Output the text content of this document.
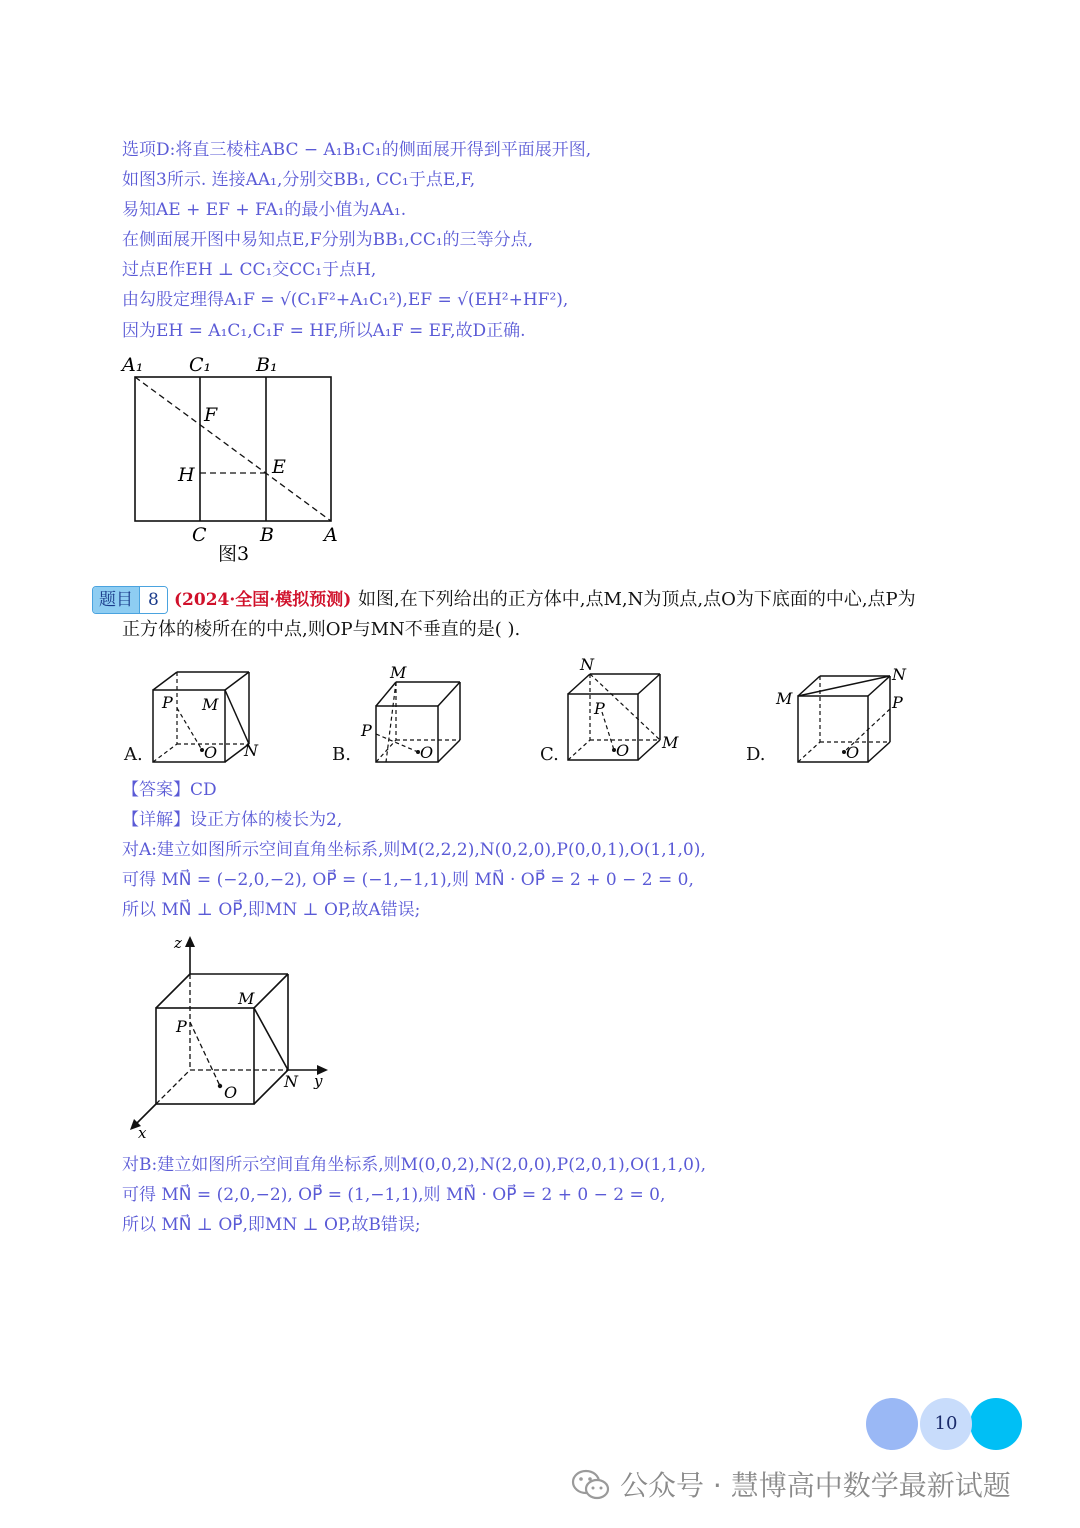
选项D:将直三棱柱ABC − A₁B₁C₁的侧面展开得到平面展开图,
如图3所示. 连接AA₁,分别交BB₁, CC₁于点E,F,
易知AE + EF + FA₁的最小值为AA₁.
在侧面展开图中易知点E,F分别为BB₁,CC₁的三等分点,
过点E作EH ⊥ CC₁交CC₁于点H,
由勾股定理得A₁F = √(C₁F²+A₁C₁²),EF = √(EH²+HF²),
因为EH = A₁C₁,C₁F = HF,所以A₁F = EF,故D正确.
A₁ C₁ B₁
F
H	E
C	B	A
图3
题目 8 (2024·全国·模拟预测) 如图,在下列给出的正方体中,点M,N为顶点,点O为下底面的中心,点P为
正方体的棱所在的中点,则OP与MN不垂直的是( ).
A.
P M
O N	B.
M
P
O	C.
N
P
O M
D.
M
N
P
O
【答案】CD
【详解】设正方体的棱长为2,
对A:建立如图所示空间直角坐标系,则M(2,2,2),N(0,2,0),P(0,0,1),O(1,1,0),
可得 MN⃗ = (−2,0,−2), OP⃗ = (−1,−1,1),则 MN⃗ · OP⃗ = 2 + 0 − 2 = 0,
所以 MN⃗ ⊥ OP⃗,即MN ⊥ OP,故A错误;
z
y
x
M
P
O
N
对B:建立如图所示空间直角坐标系,则M(0,0,2),N(2,0,0),P(2,0,1),O(1,1,0),
可得 MN⃗ = (2,0,−2), OP⃗ = (1,−1,1),则 MN⃗ · OP⃗ = 2 + 0 − 2 = 0,
所以 MN⃗ ⊥ OP⃗,即MN ⊥ OP,故B错误;
10
公众号 · 慧博高中数学最新试题
